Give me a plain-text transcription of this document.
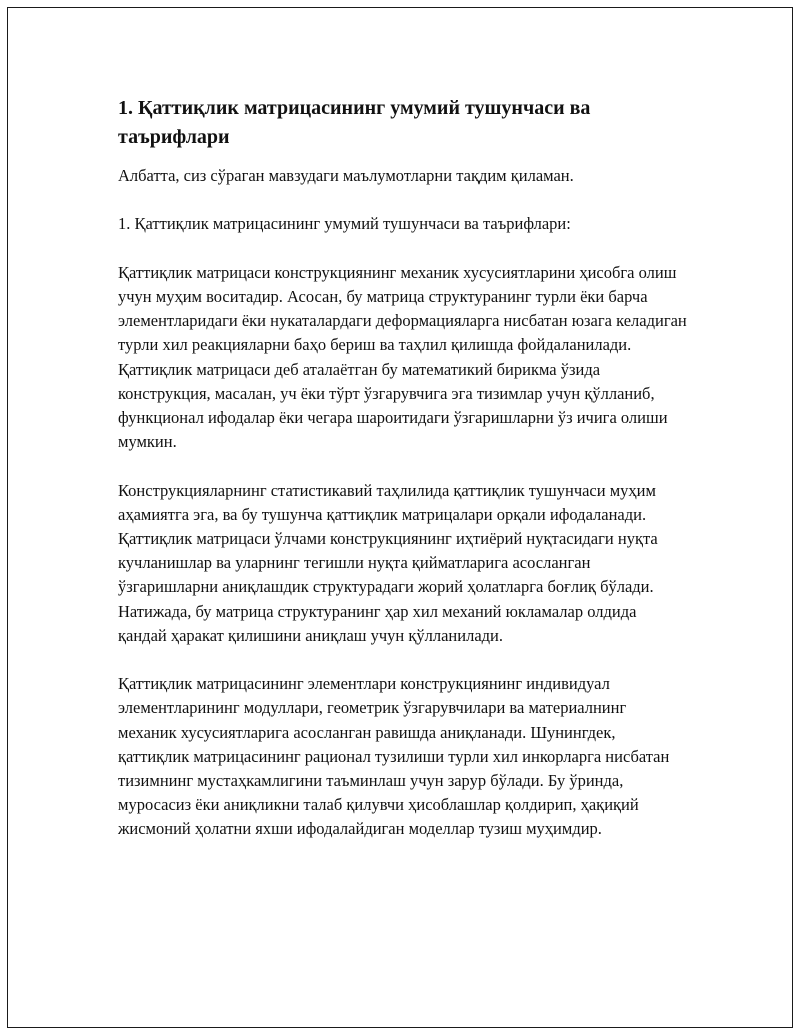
1. Қаттиқлик матрицасининг умумий тушунчаси ва таърифлари

Албатта, сиз сўраган мавзудаги маълумотларни тақдим қиламан.

1. Қаттиқлик матрицасининг умумий тушунчаси ва таърифлари:

Қаттиқлик матрицаси конструкциянинг механик хусусиятларини ҳисобга олиш учун муҳим воситадир. Асосан, бу матрица структуранинг турли ёки барча элементларидаги ёки нукаталардаги деформацияларга нисбатан юзага келадиган турли хил реакцияларни баҳо бериш ва таҳлил қилишда фойдаланилади. Қаттиқлик матрицаси деб аталаётган бу математикий бирикма ўзида конструкция, масалан, уч ёки тўрт ўзгарувчига эга тизимлар учун қўлланиб, функционал ифодалар ёки чегара шароитидаги ўзгаришларни ўз ичига олиши мумкин.

Конструкцияларнинг статистикавий таҳлилида қаттиқлик тушунчаси муҳим аҳамиятга эга, ва бу тушунча қаттиқлик матрицалари орқали ифодаланади. Қаттиқлик матрицаси ўлчами конструкциянинг иҳтиёрий нуқтасидаги нуқта кучланишлар ва уларнинг тегишли нуқта қийматларига асосланган ўзгаришларни аниқлашдик структурадаги жорий ҳолатларга боғлиқ бўлади. Натижада, бу матрица структуранинг ҳар хил механий юкламалар олдида қандай ҳаракат қилишини аниқлаш учун қўлланилади.

Қаттиқлик матрицасининг элементлари конструкциянинг индивидуал элементларининг модуллари, геометрик ўзгарувчилари ва материалнинг механик хусусиятларига асосланган равишда аниқланади. Шунингдек, қаттиқлик матрицасининг рационал тузилиши турли хил инкорларга нисбатан тизимнинг мустаҳкамлигини таъминлаш учун зарур бўлади. Бу ўринда, муросасиз ёки аниқликни талаб қилувчи ҳисоблашлар қолдирип, ҳақиқий жисмоний ҳолатни яхши ифодалайдиган моделлар тузиш муҳимдир.
